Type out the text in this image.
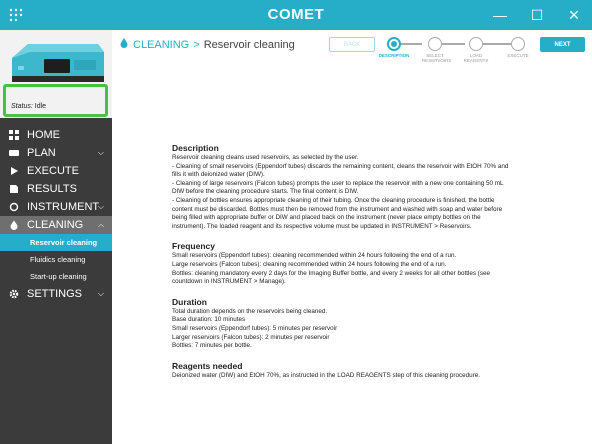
COMET	— ☐ ✕
Status: Idle
HOME
PLAN	⌵
EXECUTE
RESULTS
INSTRUMENT
⌵
CLEANING ⌵
Reservoir cleaning
Fluidics cleaning
Start-up cleaning
SETTINGS ⌵
CLEANING > Reservoir cleaning
DESCRIPTION	SELECT RESERVOIRS
LOAD REAGENTS
EXECUTE
BACK	NEXT
Description
Reservoir cleaning cleans used reservoirs, as selected by the user.
- Cleaning of small reservoirs (Eppendorf tubes) discards the remaining content, cleans the reservoir with EtOH 70% and fills it with deionized water (DIW).
- Cleaning of large reservoirs (Falcon tubes) prompts the user to replace the reservoir with a new one containing 50 mL DIW before the cleaning procedure starts. The final content is DIW.
- Cleaning of bottles ensures appropriate cleaning of their tubing. Once the cleaning procedure is finished, the bottle content must be discarded. Bottles must then be removed from the instrument and washed with soap and water before being filled with appropriate buffer or DIW and placed back on the instrument (never place empty bottles on the instrument). The loaded reagent and its respective volume must be updated in INSTRUMENT > Reservoirs.
Frequency
Small reservoirs (Eppendorf tubes): cleaning recommended within 24 hours following the end of a run.
Large reservoirs (Falcon tubes): cleaning recommended within 24 hours following the end of a run.
Bottles: cleaning mandatory every 2 days for the Imaging Buffer bottle, and every 2 weeks for all other bottles (see countdown in INSTRUMENT > Manage).
Duration
Total duration depends on the reservoirs being cleaned.
Base duration: 10 minutes
Small reservoirs (Eppendorf tubes): 5 minutes per reservoir
Larger reservoirs (Falcon tubes): 2 minutes per reservoir
Bottles: 7 minutes per bottle.
Reagents needed
Deionized water (DIW) and EtOH 70%, as instructed in the LOAD REAGENTS step of this cleaning procedure.
